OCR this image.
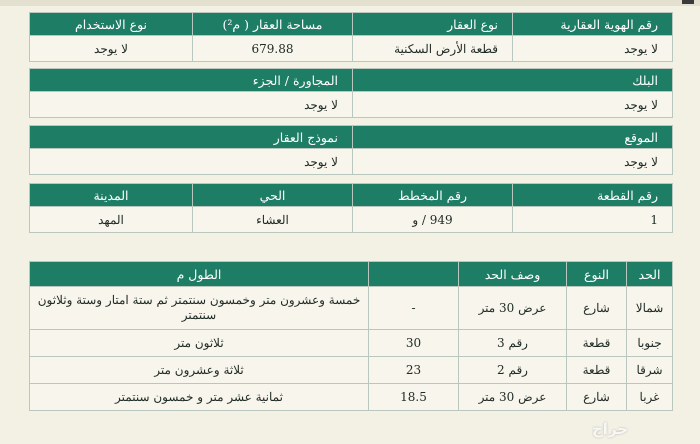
رقم الهوية العقارية	نوع العقار	مساحة العقار ( م²)	نوع الاستخدام
لا يوجد	قطعة الأرض السكنية	679.88	لا يوجد
البلك	المجاورة / الجزء
لا يوجد	لا يوجد
الموقع	نموذج العقار
لا يوجد	لا يوجد
رقم القطعة	رقم المخطط	الحي	المدينة
1	949 / و	العشاء	المهد
الحد	النوع	وصف الحد		الطول م
شمالا	شارع	عرض 30 متر	-	خمسة وعشرون متر وخمسون سنتمتر ثم ستة امتار وستة وثلاثون سنتمتر
جنوبا	قطعة	رقم 3	30	ثلاثون متر
شرقا	قطعة	رقم 2	23	ثلاثة وعشرون متر
غربا	شارع	عرض 30 متر	18.5	ثمانية عشر متر و خمسون سنتمتر
حراج
